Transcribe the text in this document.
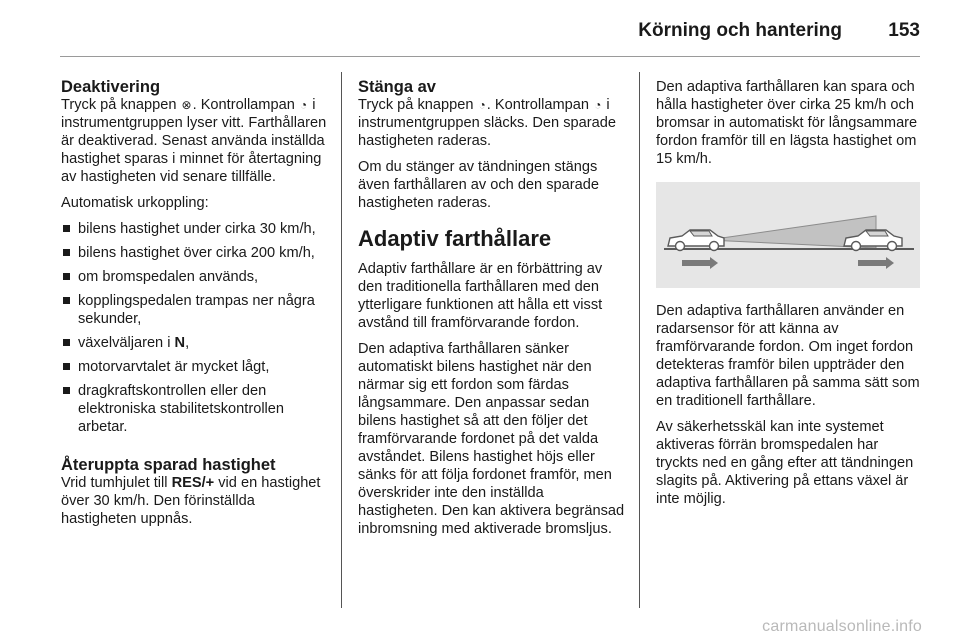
Körning och hantering 153
Deaktivering

Tryck på knappen ⊗. Kontrollampan ◔ i instrumentgruppen lyser vitt. Farthållaren är deaktiverad. Senast använda inställda hastighet sparas i minnet för återtagning av hastigheten vid senare tillfälle.

Automatisk urkoppling:

bilens hastighet under cirka 30 km/h,
bilens hastighet över cirka 200 km/h,
om bromspedalen används,
kopplingspedalen trampas ner några sekunder,
växelväljaren i N,
motorvarvtalet är mycket lågt,
dragkraftskontrollen eller den elektroniska stabilitetskontrollen arbetar.
Återuppta sparad hastighet

Vrid tumhjulet till RES/+ vid en hastighet över 30 km/h. Den förinställda hastigheten uppnås.

Stänga av

Tryck på knappen ◔. Kontrollampan ◔ i instrumentgruppen släcks. Den sparade hastigheten raderas.

Om du stänger av tändningen stängs även farthållaren av och den sparade hastigheten raderas.

Adaptiv farthållare

Adaptiv farthållare är en förbättring av den traditionella farthållaren med den ytterligare funktionen att hålla ett visst avstånd till framförvarande fordon.

Den adaptiva farthållaren sänker automatiskt bilens hastighet när den närmar sig ett fordon som färdas långsammare. Den anpassar sedan bilens hastighet så att den följer det framförvarande fordonet på det valda avståndet. Bilens hastighet höjs eller sänks för att följa fordonet framför, men överskrider inte den inställda hastigheten. Den kan aktivera begränsad inbromsning med aktiverade bromsljus.

Den adaptiva farthållaren kan spara och hålla hastigheter över cirka 25 km/h och bromsar in automatiskt för långsammare fordon framför till en lägsta hastighet om 15 km/h.

Den adaptiva farthållaren använder en radarsensor för att känna av framförvarande fordon. Om inget fordon detekteras framför bilen uppträder den adaptiva farthållaren på samma sätt som en traditionell farthållare.

Av säkerhetsskäl kan inte systemet aktiveras förrän bromspedalen har tryckts ned en gång efter att tändningen slagits på. Aktivering på ettans växel är inte möjlig.

carmanualsonline.info
